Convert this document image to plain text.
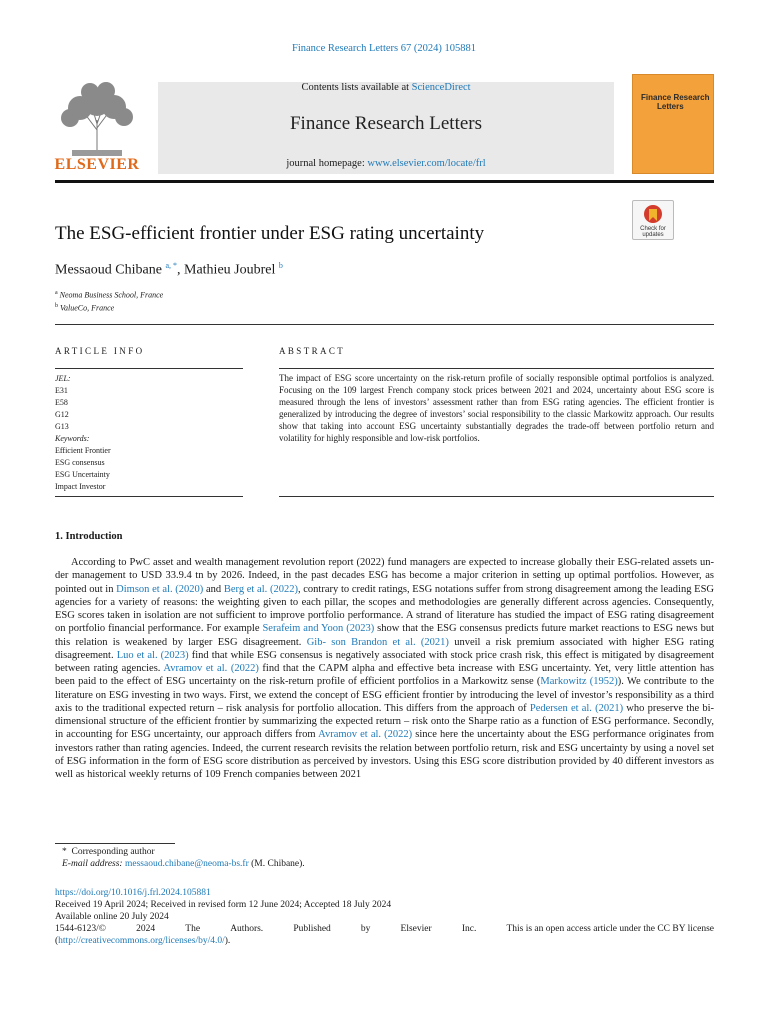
Finance Research Letters 67 (2024) 105881
ELSEVIER
Contents lists available at ScienceDirect
Finance Research Letters
journal homepage: www.elsevier.com/locate/frl
Finance Research
Letters
The ESG-efficient frontier under ESG rating uncertainty	Check for
updates
Messaoud Chibane $^{a, *}$, Mathieu Joubrel $^b$
$^a$ Neoma Business School, France
$^b$ ValueCo, France
ARTICLE INFO	ABSTRACT
JEL:
E31
E58
G12
G13
Keywords:
Efficient Frontier
ESG consensus
ESG Uncertainty
Impact Investor
The impact of ESG score uncertainty on the risk-return profile of socially responsible optimal portfolios is analyzed. Focusing on the 109 largest French company stock prices between 2021 and 2024, uncertainty about ESG score is measured through the lens of investors’ assessment rather than from ESG rating agencies. The efficient frontier is generalized by introducing the degree of investors’ social responsibility to the classic Markowitz approach. Our results show that taking into account ESG uncertainty substantially degrades the trade-off between portfolio return and volatility for highly responsible and low-risk portfolios.
1. Introduction
According to PwC asset and wealth management revolution report (2022) fund managers are expected to increase globally their ESG-related assets un- der management to USD 33.9.4 tn by 2026. Indeed, in the past decades ESG has become a major criterion in setting up optimal portfolios. However, as pointed out in Dimson et al. (2020) and Berg et al. (2022), contrary to credit ratings, ESG notations suffer from strong disagreement among the leading ESG agencies for a variety of reasons: the weighting given to each pillar, the scopes and methodologies are generally different across agencies. Consequently, ESG scores taken in isolation are not sufficient to improve portfolio performance. A strand of literature has studied the impact of ESG rating disagreement on portfolio financial performance. For example Serafeim and Yoon (2023) show that the ESG consensus predicts future market reactions to ESG news but this relation is weakened by larger ESG disagreement. Gib- son Brandon et al. (2021) unveil a risk premium associated with higher ESG rating disagreement. Luo et al. (2023) find that while ESG consensus is negatively associated with stock price crash risk, this effect is mitigated by disagreement between rating agencies. Avramov et al. (2022) find that the CAPM alpha and effective beta increase with ESG uncertainty. Yet, very little attention has been paid to the effect of ESG uncertainty on the risk-return profile of efficient portfolios in a Markowitz sense (Markowitz (1952)). We contribute to the literature on ESG investing in two ways. First, we extend the concept of ESG efficient frontier by introducing the level of investor’s responsibility as a third axis to the traditional expected return – risk analysis for portfolio allocation. This differs from the approach of Pedersen et al. (2021) who preserve the bi-dimensional structure of the efficient frontier by summarizing the expected return – risk onto the Sharpe ratio as a function of ESG performance. Secondly, in accounting for ESG uncertainty, our approach differs from Avramov et al. (2022) since here the uncertainty about the ESG performance originates from investors rather than rating agencies. Indeed, the current research revisits the relation between portfolio return, risk and ESG uncertainty by using a novel set of ESG information in the form of ESG score distribution as perceived by investors. Using this ESG score distribution provided by 40 different investors as well as historical weekly returns of 109 French companies between 2021
* Corresponding author
E-mail address: messaoud.chibane@neoma-bs.fr (M. Chibane).
https://doi.org/10.1016/j.frl.2024.105881
Received 19 April 2024; Received in revised form 12 June 2024; Accepted 18 July 2024
Available online 20 July 2024
1544-6123/©	2024	The	Authors.	Published	by	Elsevier	Inc.	This is an open access article under the CC BY license
(http://creativecommons.org/licenses/by/4.0/).
